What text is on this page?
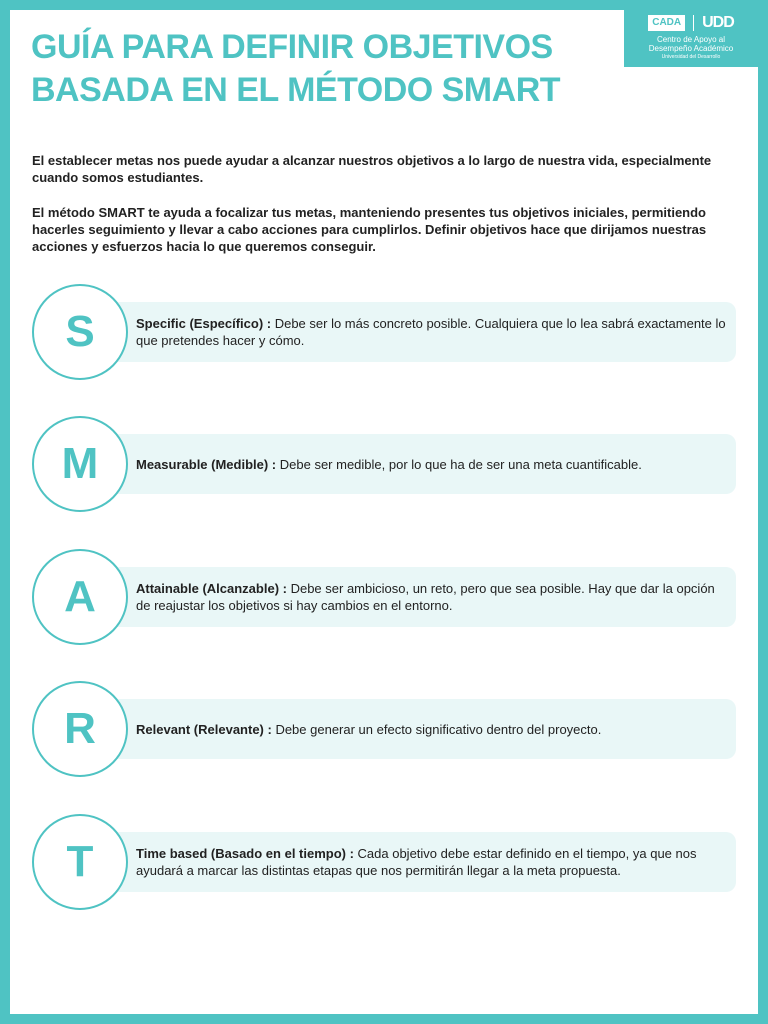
CADA UDD
Centro de Apoyo al
Desempeño Académico
Universidad del Desarrollo
GUÍA PARA DEFINIR OBJETIVOS
BASADA EN EL MÉTODO SMART

El establecer metas nos puede ayudar a alcanzar nuestros objetivos a lo largo de nuestra vida, especialmente cuando somos estudiantes.

El método SMART te ayuda a focalizar tus metas, manteniendo presentes tus objetivos iniciales, permitiendo hacerles seguimiento y llevar a cabo acciones para cumplirlos. Definir objetivos hace que dirijamos nuestras acciones y esfuerzos hacia lo que queremos conseguir.

S	Specific (Específico) : Debe ser lo más concreto posible. Cualquiera que lo lea sabrá exactamente lo que pretendes hacer y cómo.

M	Measurable (Medible) : Debe ser medible, por lo que ha de ser una meta cuantificable.

A	Attainable (Alcanzable) : Debe ser ambicioso, un reto, pero que sea posible. Hay que dar la opción de reajustar los objetivos si hay cambios en el entorno.

R	Relevant (Relevante) : Debe generar un efecto significativo dentro del proyecto.

T	Time based (Basado en el tiempo) : Cada objetivo debe estar definido en el tiempo, ya que nos ayudará a marcar las distintas etapas que nos permitirán llegar a la meta propuesta.
